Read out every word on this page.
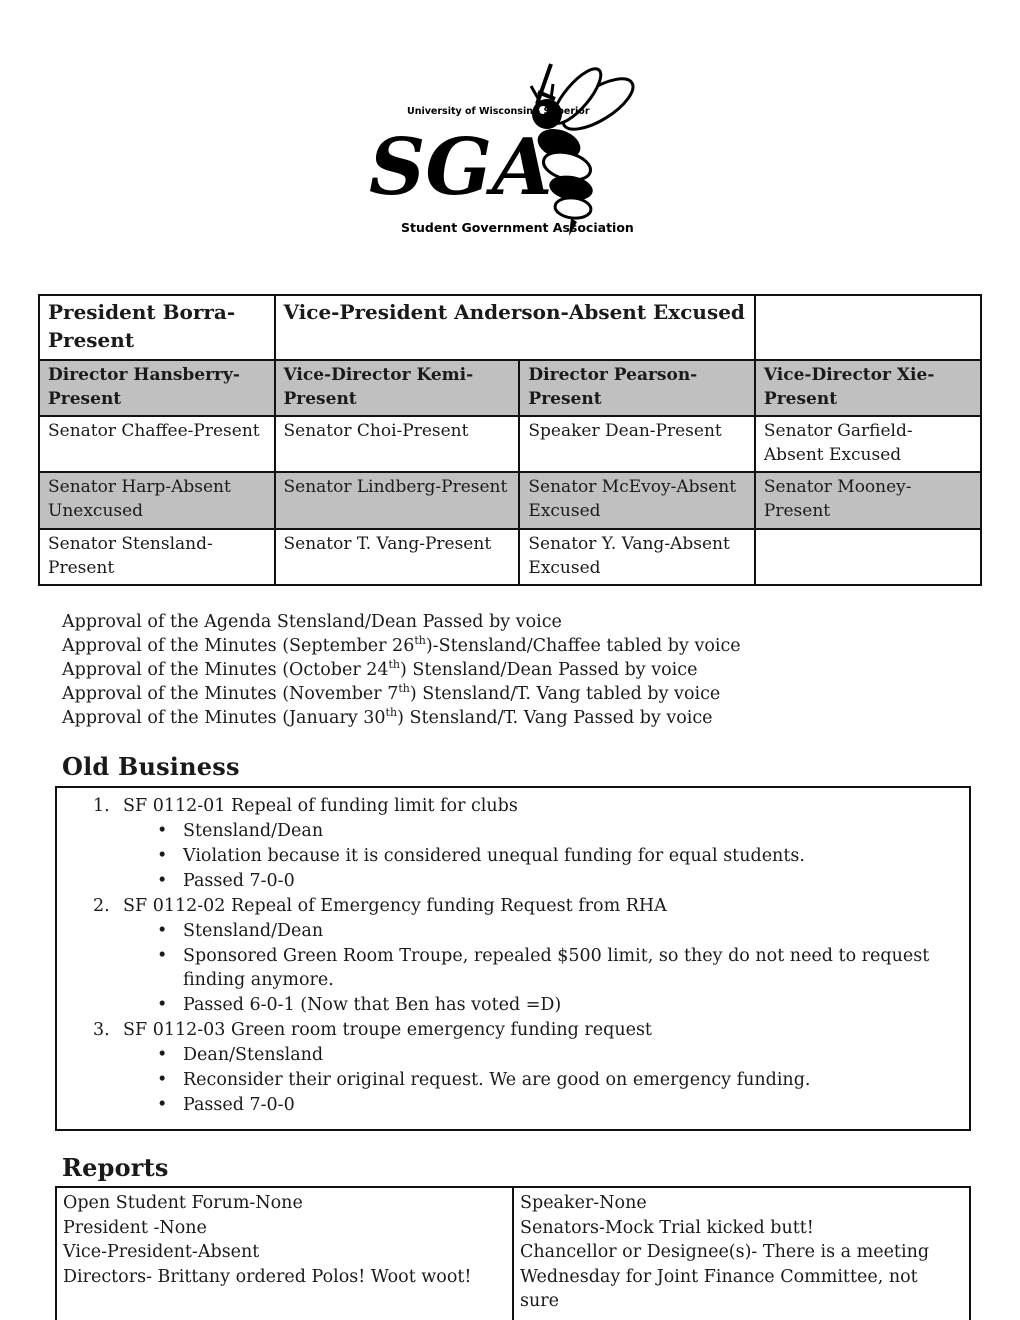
University of Wisconsin - Superior
SGA
Student Government Association
President Borra-Present	Vice-President Anderson-Absent Excused		
Director Hansberry-Present	Vice-Director Kemi-Present	Director Pearson-Present	Vice-Director Xie-Present
Senator Chaffee-Present	Senator Choi-Present	Speaker Dean-Present	Senator Garfield-Absent Excused
Senator Harp-Absent Unexcused	Senator Lindberg-Present	Senator McEvoy-Absent Excused	Senator Mooney-Present
Senator Stensland-Present	Senator T. Vang-Present	Senator Y. Vang-Absent Excused	
Approval of the Agenda Stensland/Dean Passed by voice
Approval of the Minutes (September 26th)-Stensland/Chaffee tabled by voice
Approval of the Minutes (October 24th) Stensland/Dean Passed by voice
Approval of the Minutes (November 7th) Stensland/T. Vang tabled by voice
Approval of the Minutes (January 30th) Stensland/T. Vang Passed by voice
Old Business
1. SF 0112-01 Repeal of funding limit for clubs
• Stensland/Dean
• Violation because it is considered unequal funding for equal students.
• Passed 7-0-0
2. SF 0112-02 Repeal of Emergency funding Request from RHA
• Stensland/Dean
• Sponsored Green Room Troupe, repealed $500 limit, so they do not need to request finding anymore.
• Passed 6-0-1 (Now that Ben has voted =D)
3. SF 0112-03 Green room troupe emergency funding request
• Dean/Stensland
• Reconsider their original request. We are good on emergency funding.
• Passed 7-0-0
Reports
Open Student Forum-None
President -None
Vice-President-Absent
Directors- Brittany ordered Polos! Woot woot!

Speaker-None
Senators-Mock Trial kicked butt!
Chancellor or Designee(s)- There is a meeting Wednesday for Joint Finance Committee, not sure
